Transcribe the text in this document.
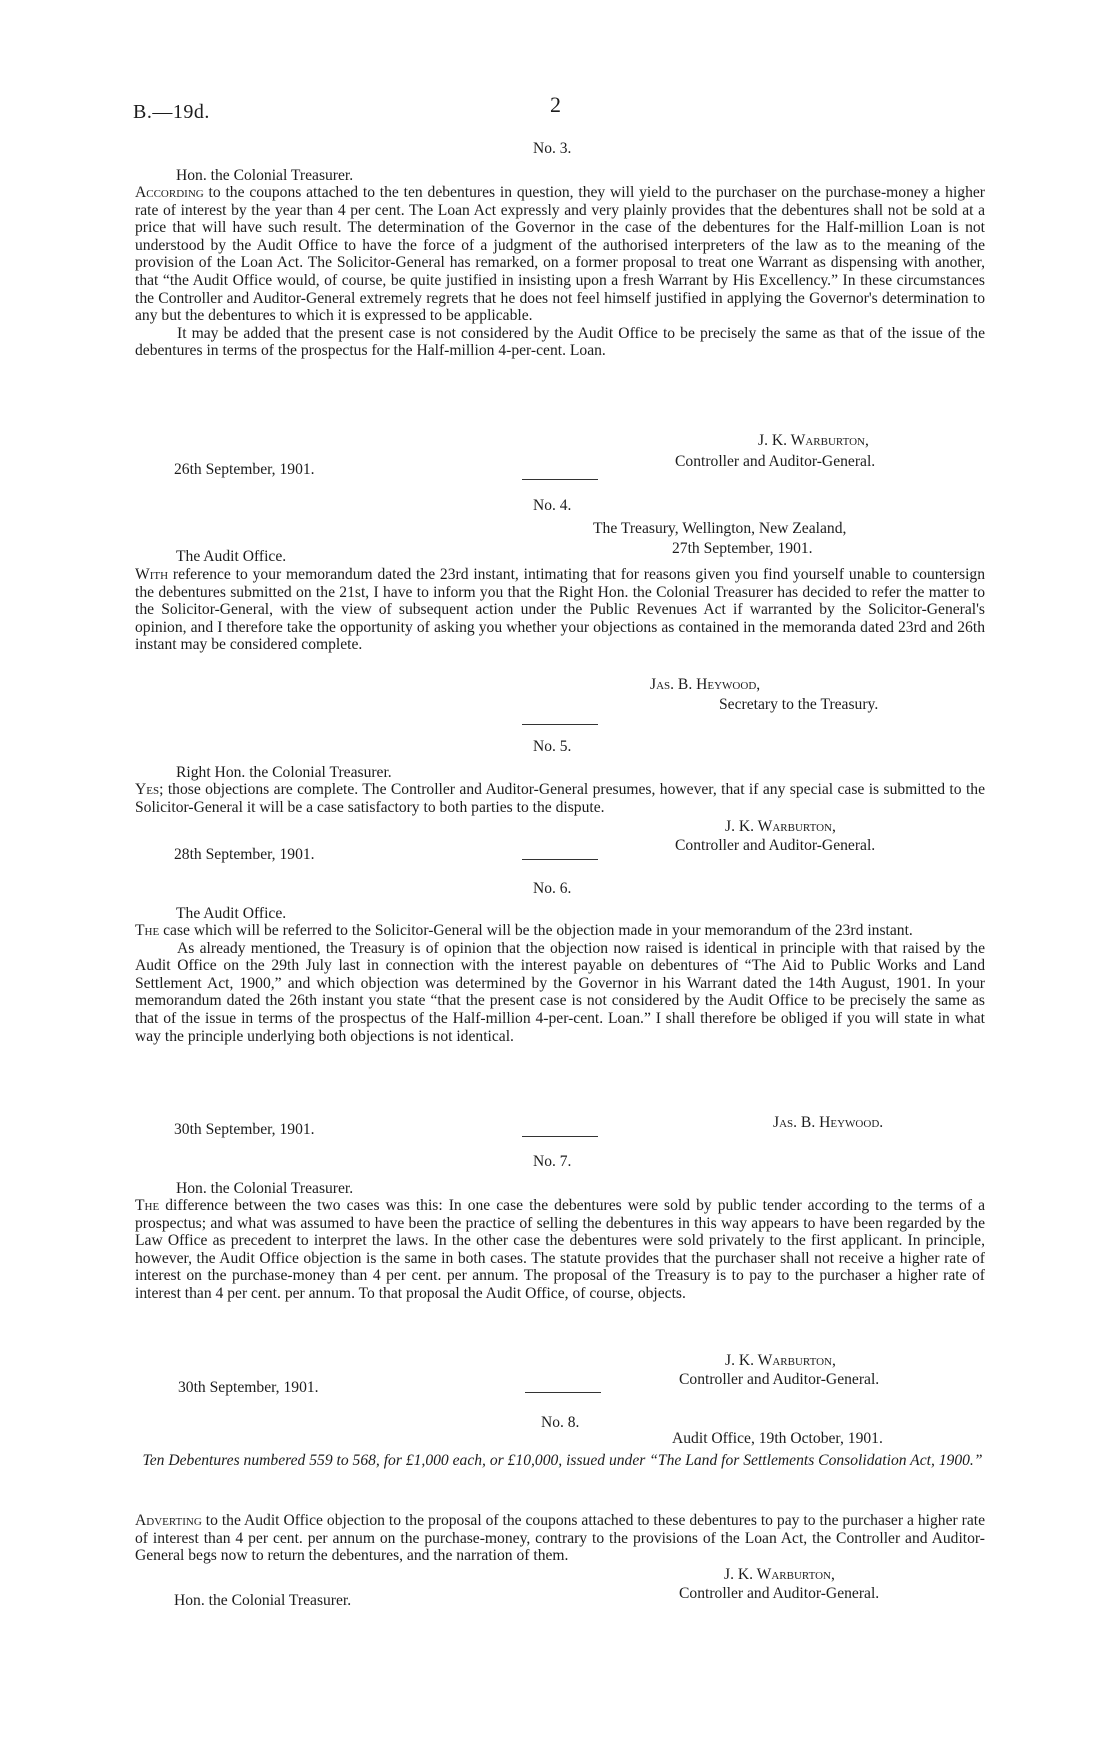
B.—19d.	2
No. 3.
Hon. the Colonial Treasurer.

According to the coupons attached to the ten debentures in question, they will yield to the purchaser on the purchase-money a higher rate of interest by the year than 4 per cent. The Loan Act expressly and very plainly provides that the debentures shall not be sold at a price that will have such result. The determination of the Governor in the case of the debentures for the Half-million Loan is not understood by the Audit Office to have the force of a judgment of the authorised interpreters of the law as to the meaning of the provision of the Loan Act. The Solicitor-General has remarked, on a former proposal to treat one Warrant as dispensing with another, that “the Audit Office would, of course, be quite justified in insisting upon a fresh Warrant by His Excellency.” In these circumstances the Controller and Auditor-General extremely regrets that he does not feel himself justified in applying the Governor's determination to any but the debentures to which it is expressed to be applicable.

It may be added that the present case is not considered by the Audit Office to be precisely the same as that of the issue of the debentures in terms of the prospectus for the Half-million 4-per-cent. Loan.

J. K. Warburton,
Controller and Auditor-General.
26th September, 1901.
No. 4.
The Treasury, Wellington, New Zealand,
27th September, 1901.
The Audit Office.

With reference to your memorandum dated the 23rd instant, intimating that for reasons given you find yourself unable to countersign the debentures submitted on the 21st, I have to inform you that the Right Hon. the Colonial Treasurer has decided to refer the matter to the Solicitor-General, with the view of subsequent action under the Public Revenues Act if warranted by the Solicitor-General's opinion, and I therefore take the opportunity of asking you whether your objections as contained in the memoranda dated 23rd and 26th instant may be considered complete.

Jas. B. Heywood,
Secretary to the Treasury.
No. 5.
Right Hon. the Colonial Treasurer.

Yes; those objections are complete. The Controller and Auditor-General presumes, however, that if any special case is submitted to the Solicitor-General it will be a case satisfactory to both parties to the dispute.

J. K. Warburton,
Controller and Auditor-General.
28th September, 1901.
No. 6.
The Audit Office.

The case which will be referred to the Solicitor-General will be the objection made in your memorandum of the 23rd instant.

As already mentioned, the Treasury is of opinion that the objection now raised is identical in principle with that raised by the Audit Office on the 29th July last in connection with the interest payable on debentures of “The Aid to Public Works and Land Settlement Act, 1900,” and which objection was determined by the Governor in his Warrant dated the 14th August, 1901. In your memorandum dated the 26th instant you state “that the present case is not considered by the Audit Office to be precisely the same as that of the issue in terms of the prospectus of the Half-million 4-per-cent. Loan.” I shall therefore be obliged if you will state in what way the principle underlying both objections is not identical.

Jas. B. Heywood.
30th September, 1901.
No. 7.
Hon. the Colonial Treasurer.

The difference between the two cases was this: In one case the debentures were sold by public tender according to the terms of a prospectus; and what was assumed to have been the practice of selling the debentures in this way appears to have been regarded by the Law Office as precedent to interpret the laws. In the other case the debentures were sold privately to the first applicant. In principle, however, the Audit Office objection is the same in both cases. The statute provides that the purchaser shall not receive a higher rate of interest on the purchase-money than 4 per cent. per annum. The proposal of the Treasury is to pay to the purchaser a higher rate of interest than 4 per cent. per annum. To that proposal the Audit Office, of course, objects.

J. K. Warburton,
Controller and Auditor-General.
30th September, 1901.
No. 8.
Audit Office, 19th October, 1901.
Ten Debentures numbered 559 to 568, for £1,000 each, or £10,000, issued under “The Land for Settlements Consolidation Act, 1900.”

Adverting to the Audit Office objection to the proposal of the coupons attached to these debentures to pay to the purchaser a higher rate of interest than 4 per cent. per annum on the purchase-money, contrary to the provisions of the Loan Act, the Controller and Auditor-General begs now to return the debentures, and the narration of them.

J. K. Warburton,
Controller and Auditor-General.
Hon. the Colonial Treasurer.
